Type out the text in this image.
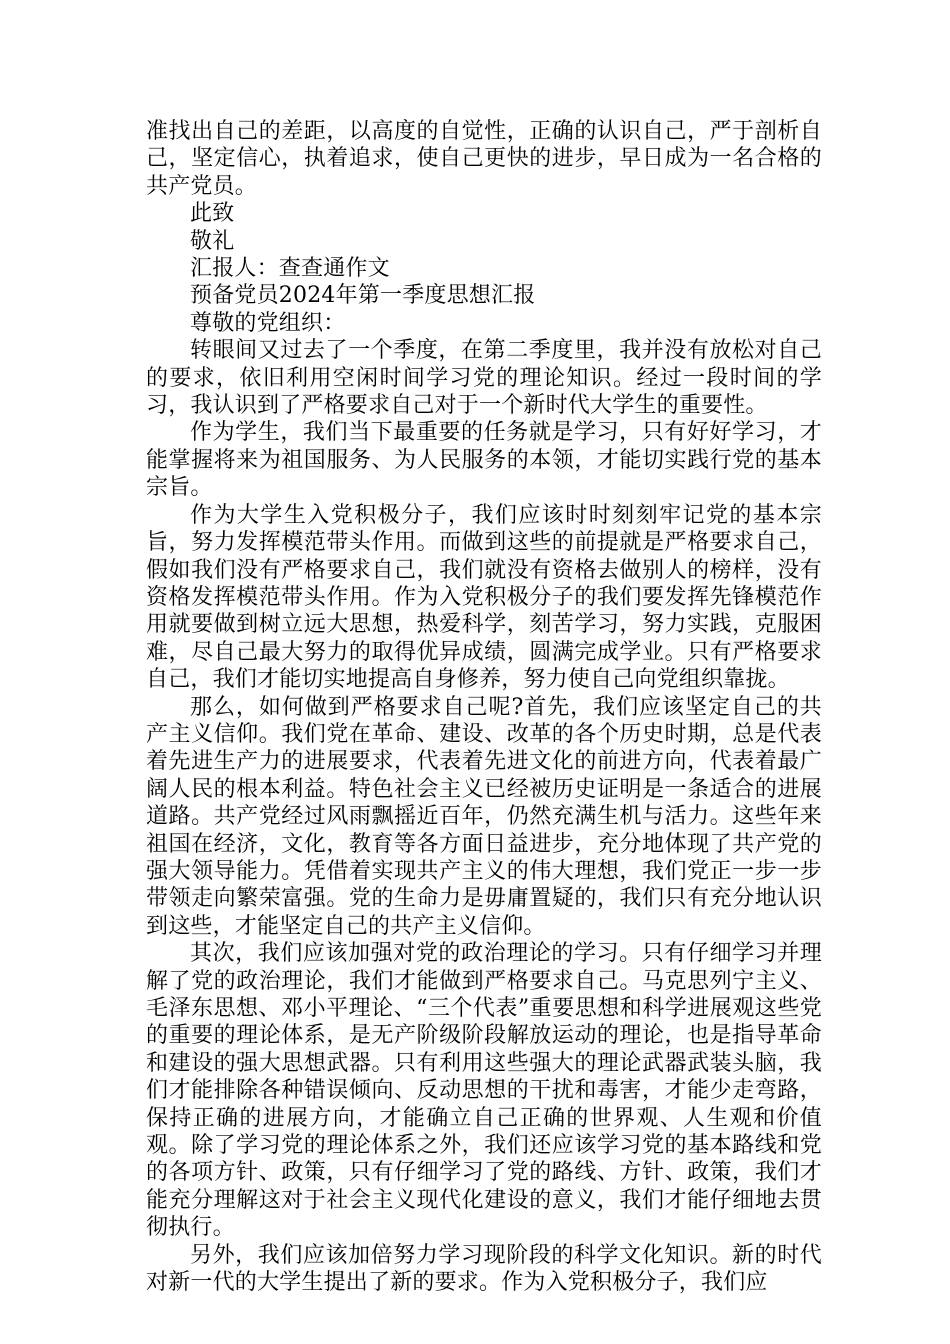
准找出自己的差距，以高度的自觉性，正确的认识自己，严于剖析自己，坚定信心，执着追求，使自己更快的进步，早日成为一名合格的共产党员。

此致

敬礼

汇报人：查查通作文

预备党员2024年第一季度思想汇报

尊敬的党组织：

转眼间又过去了一个季度，在第二季度里，我并没有放松对自己的要求，依旧利用空闲时间学习党的理论知识。经过一段时间的学习，我认识到了严格要求自己对于一个新时代大学生的重要性。

作为学生，我们当下最重要的任务就是学习，只有好好学习，才能掌握将来为祖国服务、为人民服务的本领，才能切实践行党的基本宗旨。

作为大学生入党积极分子，我们应该时时刻刻牢记党的基本宗旨，努力发挥模范带头作用。而做到这些的前提就是严格要求自己，假如我们没有严格要求自己，我们就没有资格去做别人的榜样，没有资格发挥模范带头作用。作为入党积极分子的我们要发挥先锋模范作用就要做到树立远大思想，热爱科学，刻苦学习，努力实践，克服困难，尽自己最大努力的取得优异成绩，圆满完成学业。只有严格要求自己，我们才能切实地提高自身修养，努力使自己向党组织靠拢。

那么，如何做到严格要求自己呢?首先，我们应该坚定自己的共产主义信仰。我们党在革命、建设、改革的各个历史时期，总是代表着先进生产力的进展要求，代表着先进文化的前进方向，代表着最广阔人民的根本利益。特色社会主义已经被历史证明是一条适合的进展道路。共产党经过风雨飘摇近百年，仍然充满生机与活力。这些年来祖国在经济，文化，教育等各方面日益进步，充分地体现了共产党的强大领导能力。凭借着实现共产主义的伟大理想，我们党正一步一步带领走向繁荣富强。党的生命力是毋庸置疑的，我们只有充分地认识到这些，才能坚定自己的共产主义信仰。

其次，我们应该加强对党的政治理论的学习。只有仔细学习并理解了党的政治理论，我们才能做到严格要求自己。马克思列宁主义、毛泽东思想、邓小平理论、“三个代表”重要思想和科学进展观这些党的重要的理论体系，是无产阶级阶段解放运动的理论，也是指导革命和建设的强大思想武器。只有利用这些强大的理论武器武装头脑，我们才能排除各种错误倾向、反动思想的干扰和毒害，才能少走弯路，保持正确的进展方向，才能确立自己正确的世界观、人生观和价值观。除了学习党的理论体系之外，我们还应该学习党的基本路线和党的各项方针、政策，只有仔细学习了党的路线、方针、政策，我们才能充分理解这对于社会主义现代化建设的意义，我们才能仔细地去贯彻执行。

另外，我们应该加倍努力学习现阶段的科学文化知识。新的时代对新一代的大学生提出了新的要求。作为入党积极分子，我们应
